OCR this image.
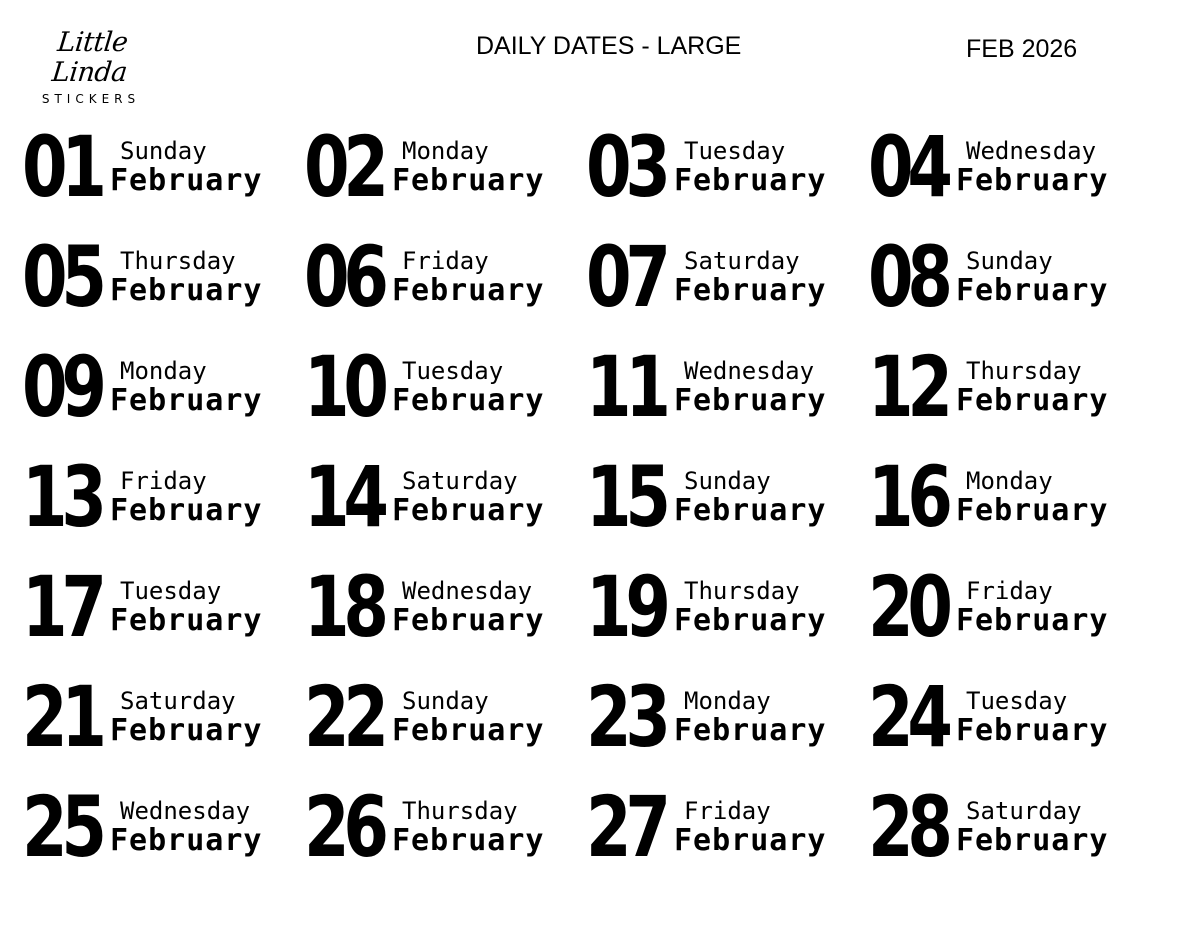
Little Linda
STICKERS
DAILY DATES - LARGE	FEB 2026
01 Sunday
February 02 Monday
February 03 Tuesday
February 04 Wednesday
February
05 Thursday
February 06 Friday
February 07 Saturday
February 08 Sunday
February
09 Monday
February 10 Tuesday
February 11 Wednesday
February 12 Thursday
February
13 Friday
February 14 Saturday
February 15 Sunday
February 16 Monday
February
17 Tuesday
February 18 Wednesday
February 19 Thursday
February 20 Friday
February
21 Saturday
February 22 Sunday
February 23 Monday
February 24 Tuesday
February
25 Wednesday
February 26 Thursday
February 27 Friday
February 28 Saturday
February
